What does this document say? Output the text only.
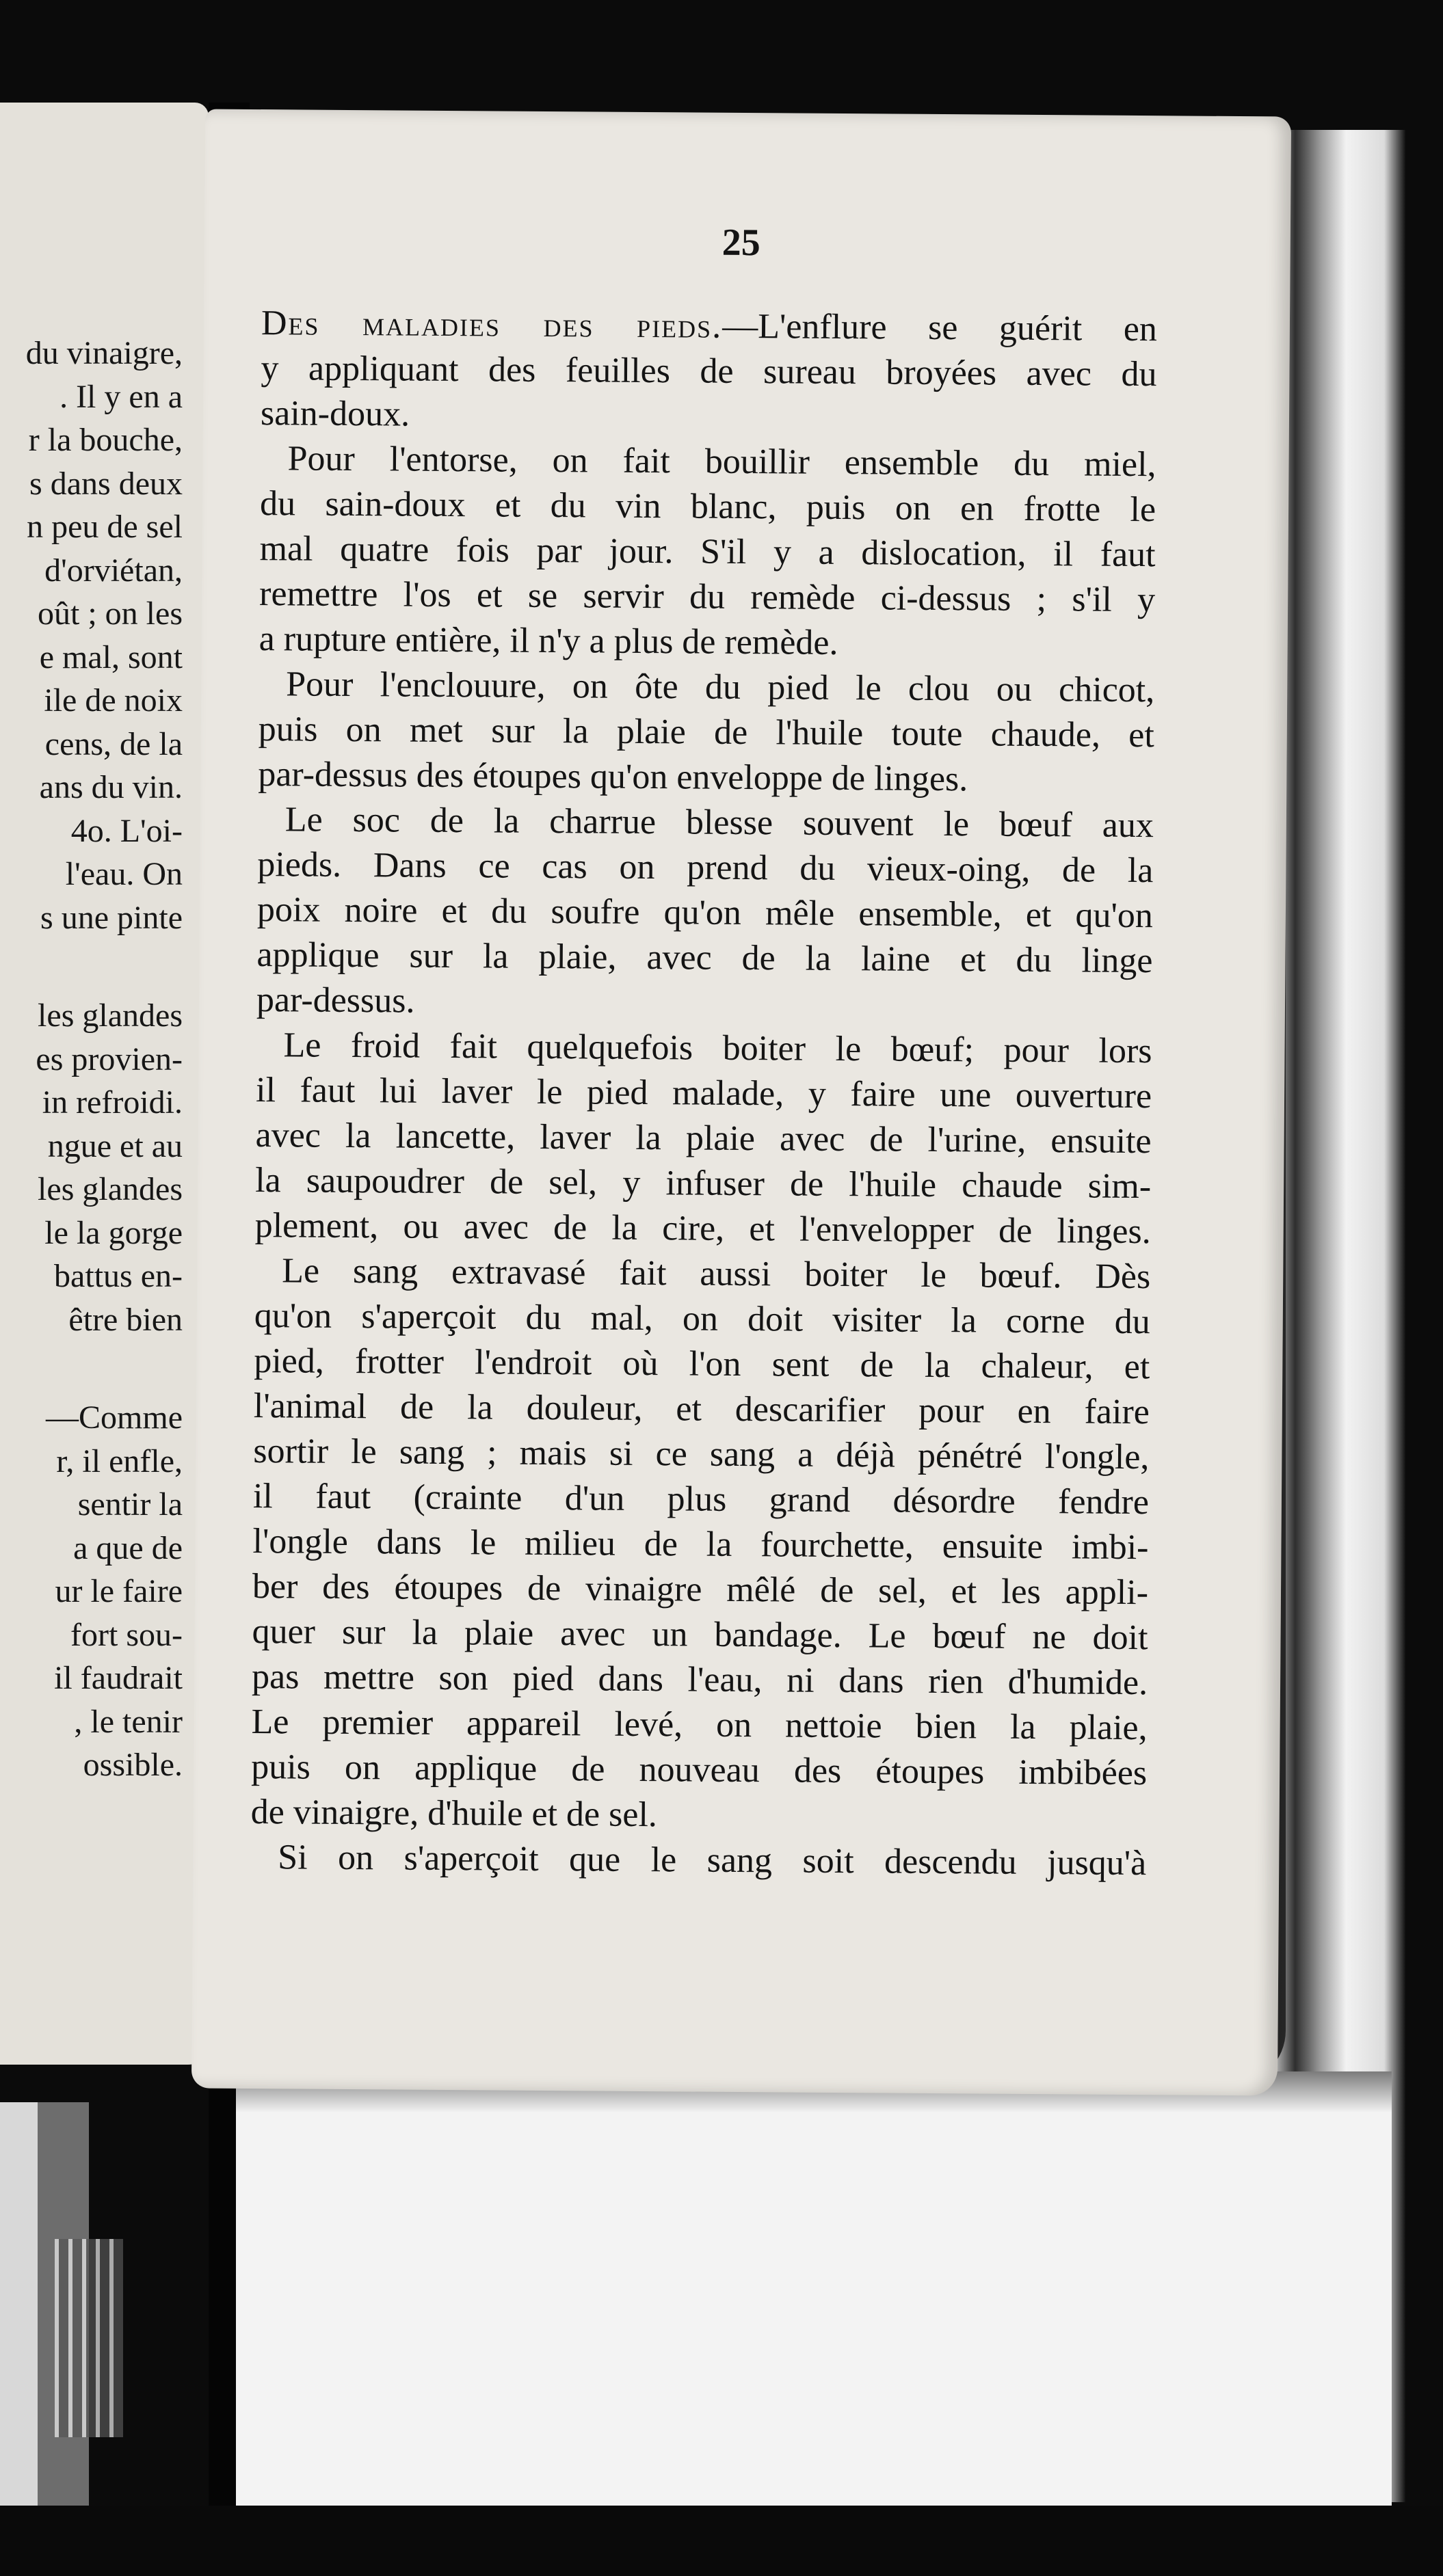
du vinaigre,
. Il y en a
r la bouche,
s dans deux
n peu de sel
d'orviétan,
oût ; on les
e mal, sont
ile de noix
cens, de la
ans du vin.
4o. L'oi-
l'eau. On
s une pinte
les glandes
es provien-
in refroidi.
ngue et au
les glandes
le la gorge
battus en-
être bien
—Comme
r, il enfle,
sentir la
a que de
ur le faire
fort sou-
il faudrait
, le tenir
ossible.
25

Des maladies des pieds.—L'enflure se guérit en
y appliquant des feuilles de sureau broyées avec du
sain-doux.

Pour l'entorse, on fait bouillir ensemble du miel,
du sain-doux et du vin blanc, puis on en frotte le
mal quatre fois par jour. S'il y a dislocation, il faut
remettre l'os et se servir du remède ci-dessus ; s'il y
a rupture entière, il n'y a plus de remède.

Pour l'enclouure, on ôte du pied le clou ou chicot,
puis on met sur la plaie de l'huile toute chaude, et
par-dessus des étoupes qu'on enveloppe de linges.

Le soc de la charrue blesse souvent le bœuf aux
pieds. Dans ce cas on prend du vieux-oing, de la
poix noire et du soufre qu'on mêle ensemble, et qu'on
applique sur la plaie, avec de la laine et du linge
par-dessus.

Le froid fait quelquefois boiter le bœuf; pour lors
il faut lui laver le pied malade, y faire une ouverture
avec la lancette, laver la plaie avec de l'urine, ensuite
la saupoudrer de sel, y infuser de l'huile chaude sim-
plement, ou avec de la cire, et l'envelopper de linges.

Le sang extravasé fait aussi boiter le bœuf. Dès
qu'on s'aperçoit du mal, on doit visiter la corne du
pied, frotter l'endroit où l'on sent de la chaleur, et
l'animal de la douleur, et descarifier pour en faire
sortir le sang ; mais si ce sang a déjà pénétré l'ongle,
il faut (crainte d'un plus grand désordre fendre
l'ongle dans le milieu de la fourchette, ensuite imbi-
ber des étoupes de vinaigre mêlé de sel, et les appli-
quer sur la plaie avec un bandage. Le bœuf ne doit
pas mettre son pied dans l'eau, ni dans rien d'humide.
Le premier appareil levé, on nettoie bien la plaie,
puis on applique de nouveau des étoupes imbibées
de vinaigre, d'huile et de sel.

Si on s'aperçoit que le sang soit descendu jusqu'à
